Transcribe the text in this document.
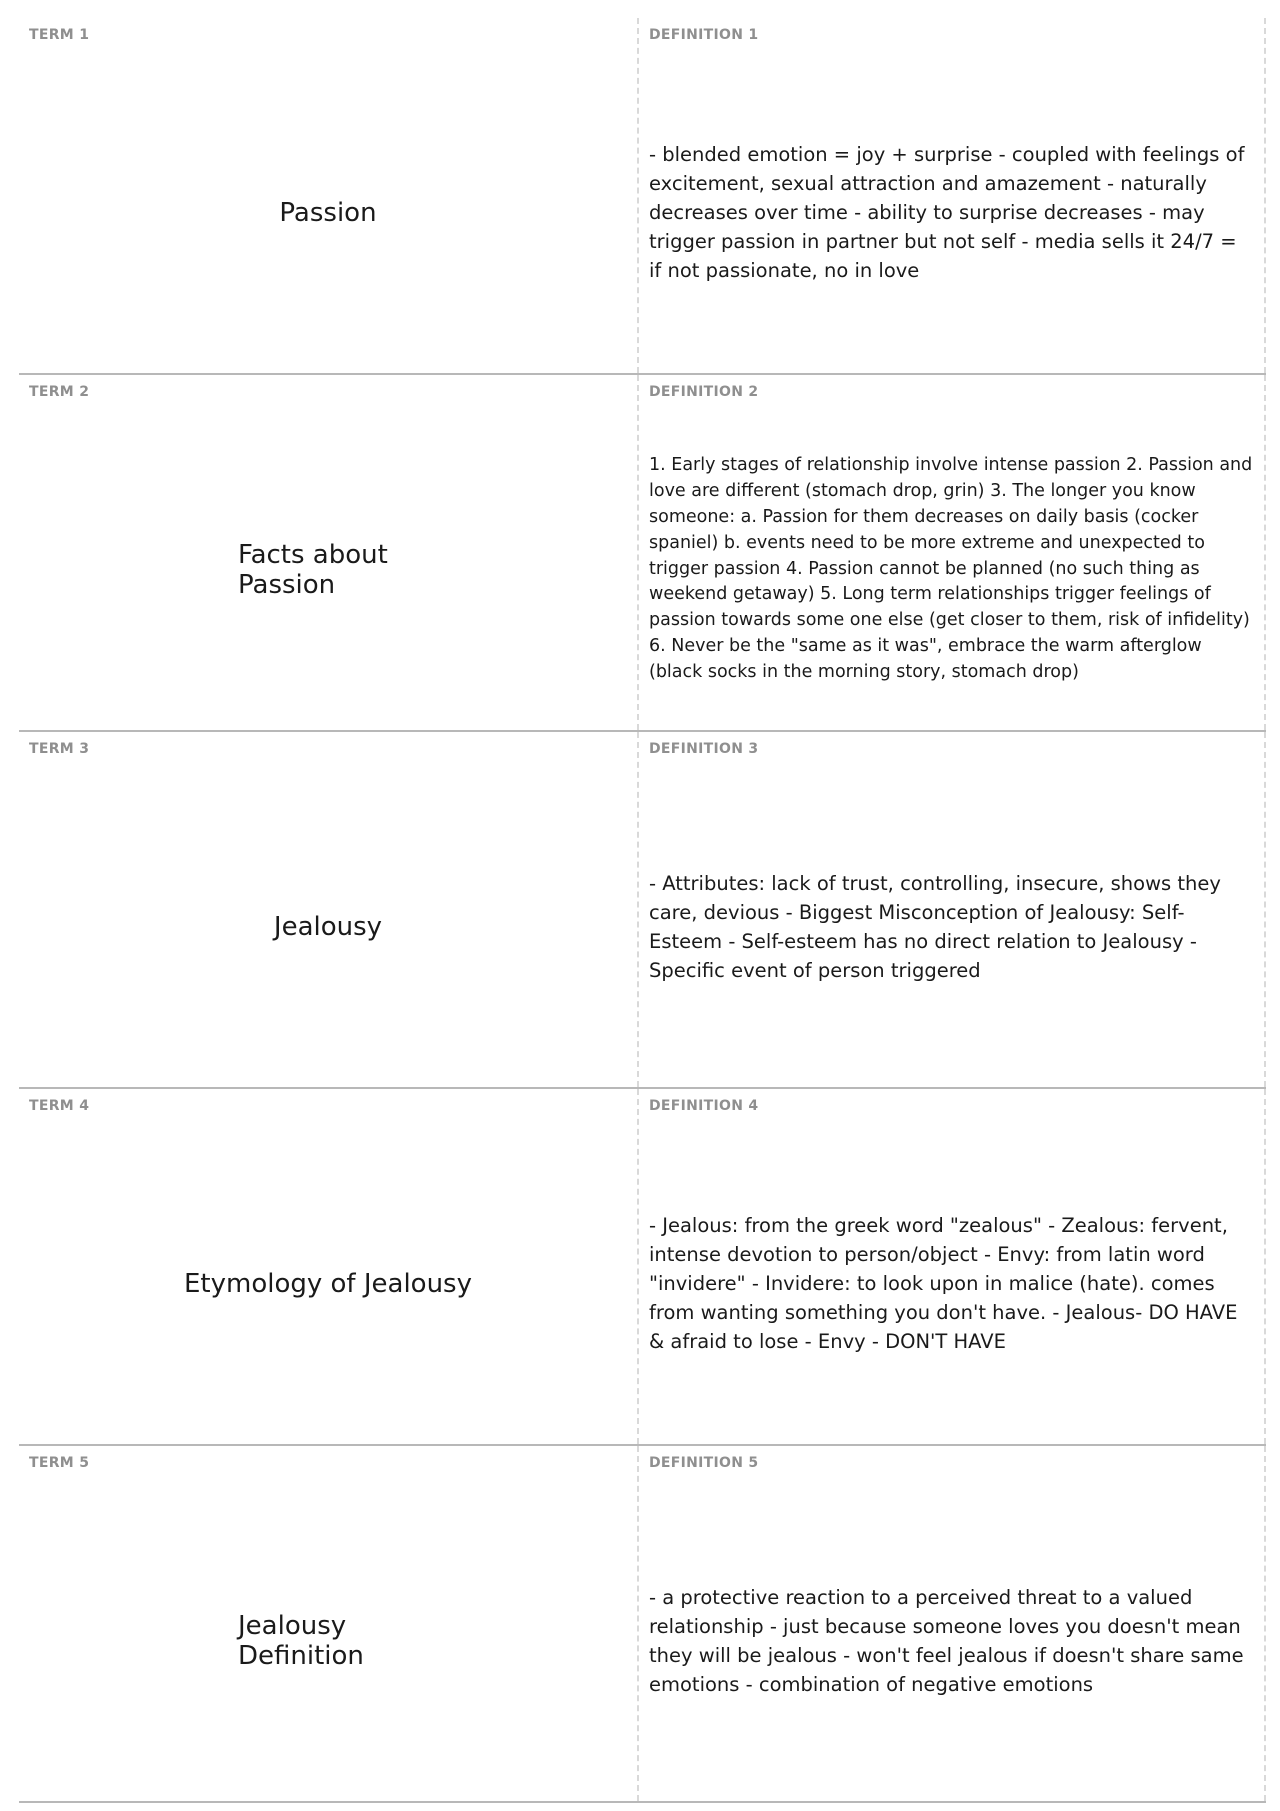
TERM 1
Passion
DEFINITION 1
- blended emotion = joy + surprise - coupled with feelings of excitement, sexual attraction and amazement - naturally decreases over time - ability to surprise decreases - may trigger passion in partner but not self - media sells it 24/7 = if not passionate, no in love
TERM 2
Facts about Passion
DEFINITION 2
1. Early stages of relationship involve intense passion 2. Passion and love are different (stomach drop, grin) 3. The longer you know someone: a. Passion for them decreases on daily basis (cocker spaniel) b. events need to be more extreme and unexpected to trigger passion 4. Passion cannot be planned (no such thing as weekend getaway) 5. Long term relationships trigger feelings of passion towards some one else (get closer to them, risk of infidelity) 6. Never be the "same as it was", embrace the warm afterglow (black socks in the morning story, stomach drop)
TERM 3
Jealousy
DEFINITION 3
- Attributes: lack of trust, controlling, insecure, shows they care, devious - Biggest Misconception of Jealousy: Self-Esteem - Self-esteem has no direct relation to Jealousy - Specific event of person triggered
TERM 4
Etymology of Jealousy
DEFINITION 4
- Jealous: from the greek word "zealous" - Zealous: fervent, intense devotion to person/object - Envy: from latin word "invidere" - Invidere: to look upon in malice (hate). comes from wanting something you don't have. - Jealous- DO HAVE & afraid to lose - Envy - DON'T HAVE
TERM 5
Jealousy Definition
DEFINITION 5
- a protective reaction to a perceived threat to a valued relationship - just because someone loves you doesn't mean they will be jealous - won't feel jealous if doesn't share same emotions - combination of negative emotions
